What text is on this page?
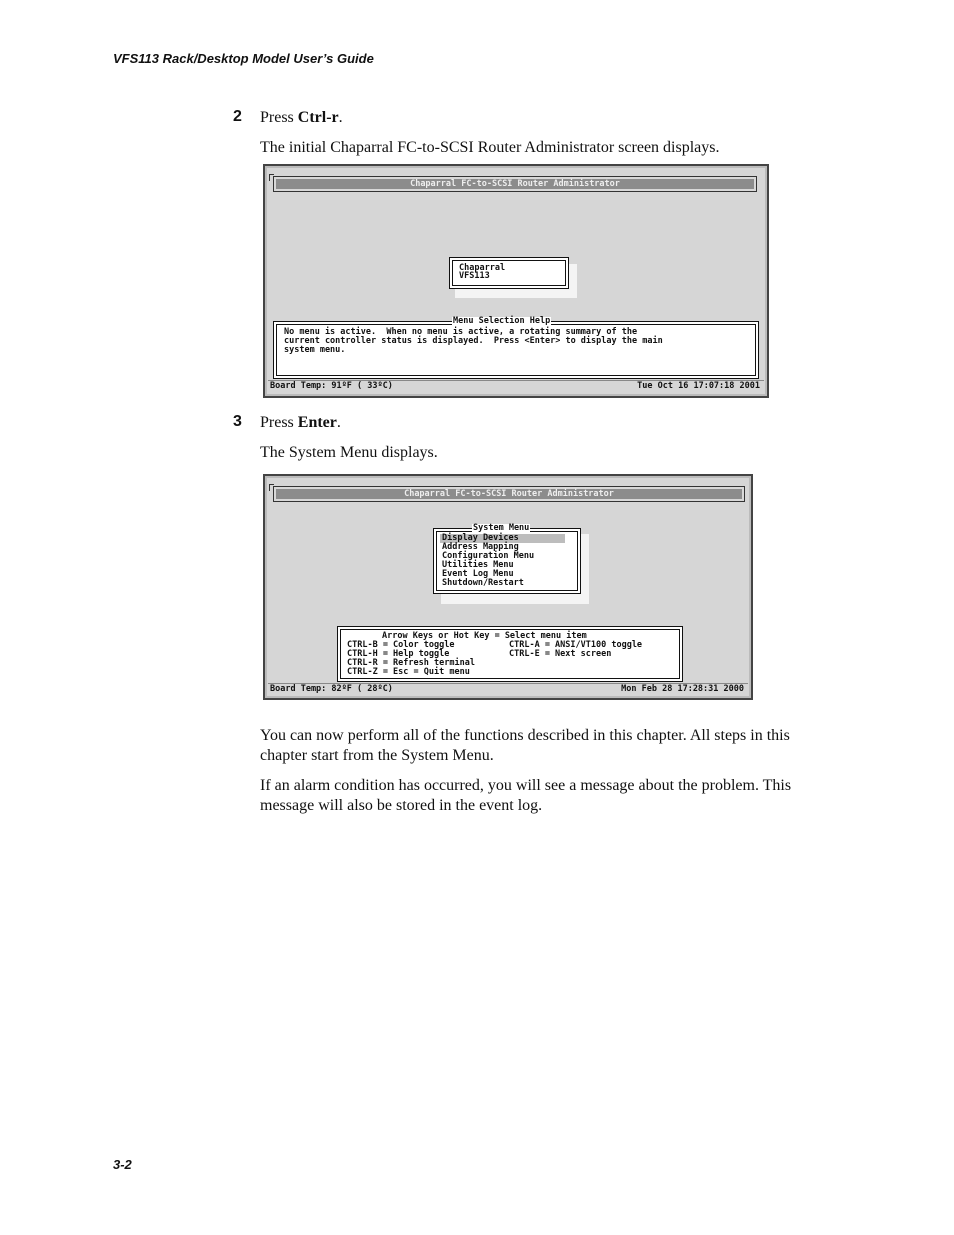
VFS113 Rack/Desktop Model User’s Guide
2 Press Ctrl-r.
The initial Chaparral FC-to-SCSI Router Administrator screen displays.
Chaparral FC-to-SCSI Router Administrator
Chaparral
VFS113
Menu Selection Help
No menu is active.  When no menu is active, a rotating summary of the
current controller status is displayed.  Press <Enter> to display the main
system menu.
Board Temp: 91ºF ( 33ºC)	Tue Oct 16 17:07:18 2001
3 Press Enter.
The System Menu displays.
Chaparral FC-to-SCSI Router Administrator
System Menu
Display Devices
Address Mapping
Configuration Menu
Utilities Menu
Event Log Menu
Shutdown/Restart
Arrow Keys or Hot Key = Select menu item
CTRL-B = Color toggle	CTRL-A = ANSI/VT100 toggle
CTRL-H = Help toggle	CTRL-E = Next screen
CTRL-R = Refresh terminal
CTRL-Z = Esc = Quit menu
Board Temp: 82ºF ( 28ºC)	Mon Feb 28 17:28:31 2000
You can now perform all of the functions described in this chapter. All steps in this chapter start from the System Menu.
If an alarm condition has occurred, you will see a message about the problem. This message will also be stored in the event log.
3-2
